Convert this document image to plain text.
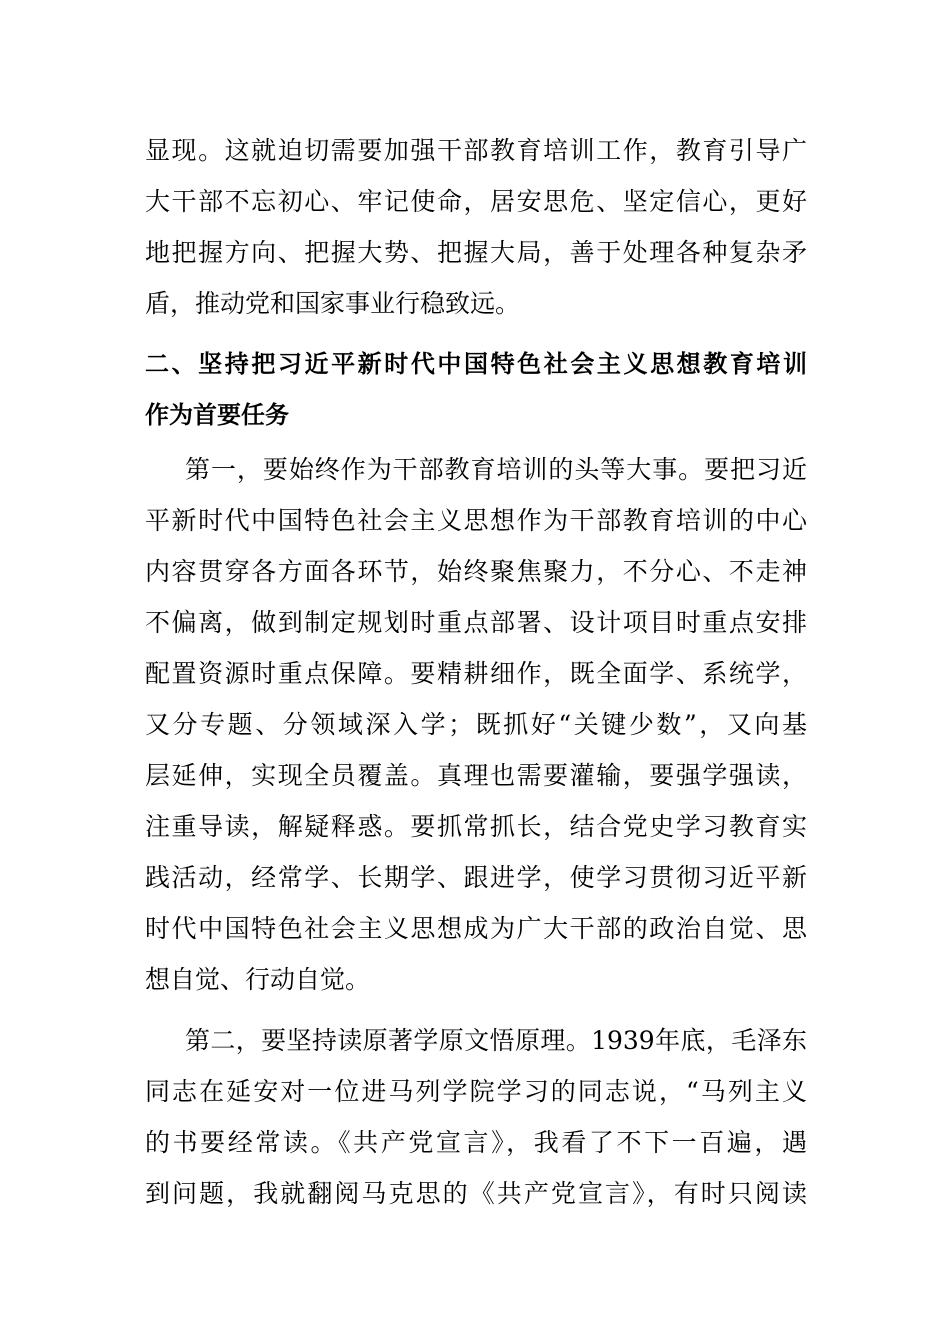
显现。这就迫切需要加强干部教育培训工作，教育引导广
大干部不忘初心、牢记使命，居安思危、坚定信心，更好
地把握方向、把握大势、把握大局，善于处理各种复杂矛
盾，推动党和国家事业行稳致远。
二、坚持把习近平新时代中国特色社会主义思想教育培训
作为首要任务
第一，要始终作为干部教育培训的头等大事。要把习近
平新时代中国特色社会主义思想作为干部教育培训的中心
内容贯穿各方面各环节，始终聚焦聚力，不分心、不走神
不偏离，做到制定规划时重点部署、设计项目时重点安排
配置资源时重点保障。要精耕细作，既全面学、系统学，
又分专题、分领域深入学；既抓好“关键少数”，又向基
层延伸，实现全员覆盖。真理也需要灌输，要强学强读，
注重导读，解疑释惑。要抓常抓长，结合党史学习教育实
践活动，经常学、长期学、跟进学，使学习贯彻习近平新
时代中国特色社会主义思想成为广大干部的政治自觉、思
想自觉、行动自觉。
第二，要坚持读原著学原文悟原理。1939年底，毛泽东
同志在延安对一位进马列学院学习的同志说，“马列主义
的书要经常读。《共产党宣言》，我看了不下一百遍，遇
到问题，我就翻阅马克思的《共产党宣言》，有时只阅读
